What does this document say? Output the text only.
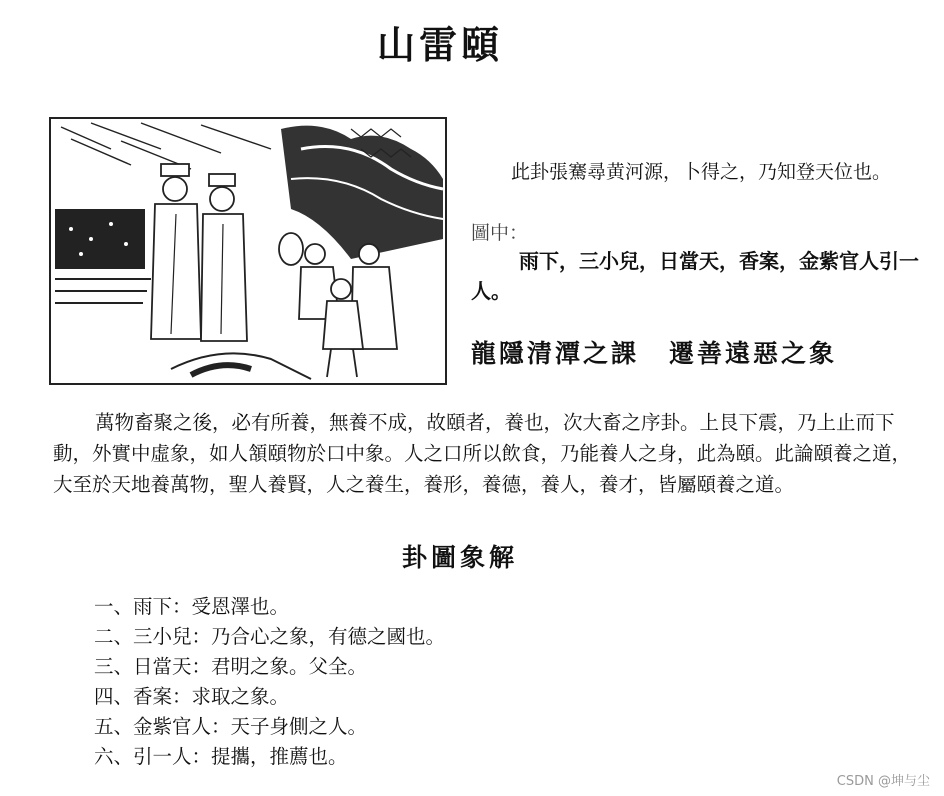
山雷頤
此卦張騫尋黄河源，卜得之，乃知登天位也。
圖中：
雨下，三小兒，日當天，香案，金紫官人引一人。
龍隱清潭之課 遷善遠惡之象
萬物畜聚之後，必有所養，無養不成，故頤者，養也，次大畜之序卦。上艮下震，乃上止而下動，外實中虛象，如人頷頤物於口中象。人之口所以飲食，乃能養人之身，此為頤。此論頤養之道，大至於天地養萬物，聖人養賢，人之養生，養形，養德，養人，養才，皆屬頤養之道。
卦圖象解
一、雨下：受恩澤也。
二、三小兒：乃合心之象，有德之國也。
三、日當天：君明之象。父全。
四、香案：求取之象。
五、金紫官人：天子身側之人。
六、引一人：提攜，推薦也。
CSDN @坤与尘
